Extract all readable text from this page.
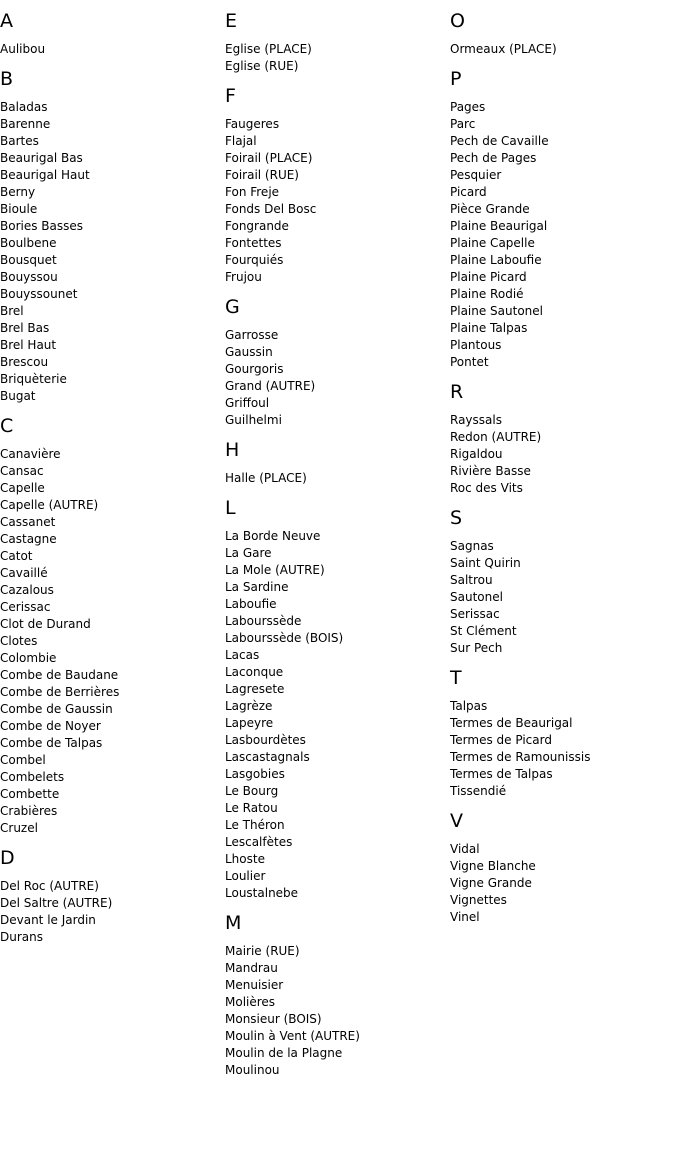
A
Aulibou
B
Baladas
Barenne
Bartes
Beaurigal Bas
Beaurigal Haut
Berny
Bioule
Bories Basses
Boulbene
Bousquet
Bouyssou
Bouyssounet
Brel
Brel Bas
Brel Haut
Brescou
Briquèterie
Bugat
C
Canavière
Cansac
Capelle
Capelle (AUTRE)
Cassanet
Castagne
Catot
Cavaillé
Cazalous
Cerissac
Clot de Durand
Clotes
Colombie
Combe de Baudane
Combe de Berrières
Combe de Gaussin
Combe de Noyer
Combe de Talpas
Combel
Combelets
Combette
Crabières
Cruzel
D
Del Roc (AUTRE)
Del Saltre (AUTRE)
Devant le Jardin
Durans
E
Eglise (PLACE)
Eglise (RUE)
F
Faugeres
Flajal
Foirail (PLACE)
Foirail (RUE)
Fon Freje
Fonds Del Bosc
Fongrande
Fontettes
Fourquiés
Frujou
G
Garrosse
Gaussin
Gourgoris
Grand (AUTRE)
Griffoul
Guilhelmi
H
Halle (PLACE)
L
La Borde Neuve
La Gare
La Mole (AUTRE)
La Sardine
Laboufie
Labourssède
Labourssède (BOIS)
Lacas
Laconque
Lagresete
Lagrèze
Lapeyre
Lasbourdètes
Lascastagnals
Lasgobies
Le Bourg
Le Ratou
Le Théron
Lescalfètes
Lhoste
Loulier
Loustalnebe
M
Mairie (RUE)
Mandrau
Menuisier
Molières
Monsieur (BOIS)
Moulin à Vent (AUTRE)
Moulin de la Plagne
Moulinou
O
Ormeaux (PLACE)
P
Pages
Parc
Pech de Cavaille
Pech de Pages
Pesquier
Picard
Pièce Grande
Plaine Beaurigal
Plaine Capelle
Plaine Laboufie
Plaine Picard
Plaine Rodié
Plaine Sautonel
Plaine Talpas
Plantous
Pontet
R
Rayssals
Redon (AUTRE)
Rigaldou
Rivière Basse
Roc des Vits
S
Sagnas
Saint Quirin
Saltrou
Sautonel
Serissac
St Clément
Sur Pech
T
Talpas
Termes de Beaurigal
Termes de Picard
Termes de Ramounissis
Termes de Talpas
Tissendié
V
Vidal
Vigne Blanche
Vigne Grande
Vignettes
Vinel
